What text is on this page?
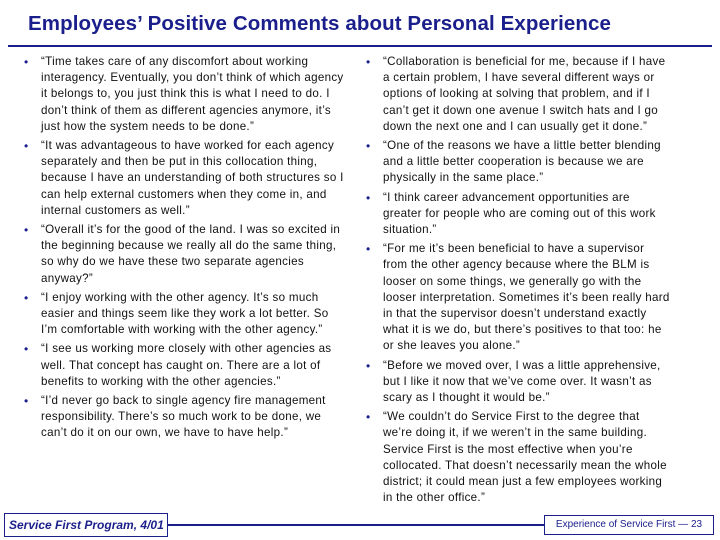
Employees’ Positive Comments about Personal Experience
• “Time takes care of any discomfort about working interagency. Eventually, you don’t think of which agency it belongs to, you just think this is what I need to do. I don’t think of them as different agencies anymore, it’s just how the system needs to be done.”
• “It was advantageous to have worked for each agency separately and then be put in this collocation thing, because I have an understanding of both structures so I can help external customers when they come in, and internal customers as well.”
• “Overall it’s for the good of the land. I was so excited in the beginning because we really all do the same thing, so why do we have these two separate agencies anyway?”
• “I enjoy working with the other agency. It’s so much easier and things seem like they work a lot better. So I’m comfortable with working with the other agency.”
• “I see us working more closely with other agencies as well. That concept has caught on. There are a lot of benefits to working with the other agencies.”
• “I’d never go back to single agency fire management responsibility. There’s so much work to be done, we can’t do it on our own, we have to have help.”
• “Collaboration is beneficial for me, because if I have a certain problem, I have several different ways or options of looking at solving that problem, and if I can’t get it down one avenue I switch hats and I go down the next one and I can usually get it done.”
• “One of the reasons we have a little better blending and a little better cooperation is because we are physically in the same place.”
• “I think career advancement opportunities are greater for people who are coming out of this work situation.”
• “For me it’s been beneficial to have a supervisor from the other agency because where the BLM is looser on some things, we generally go with the looser interpretation. Sometimes it’s been really hard in that the supervisor doesn’t understand exactly what it is we do, but there’s positives to that too: he or she leaves you alone.”
• “Before we moved over, I was a little apprehensive, but I like it now that we’ve come over. It wasn’t as scary as I thought it would be.”
• “We couldn’t do Service First to the degree that we’re doing it, if we weren’t in the same building. Service First is the most effective when you’re collocated. That doesn’t necessarily mean the whole district; it could mean just a few employees working in the other office.”
Service First Program, 4/01	Experience of Service First — 23
